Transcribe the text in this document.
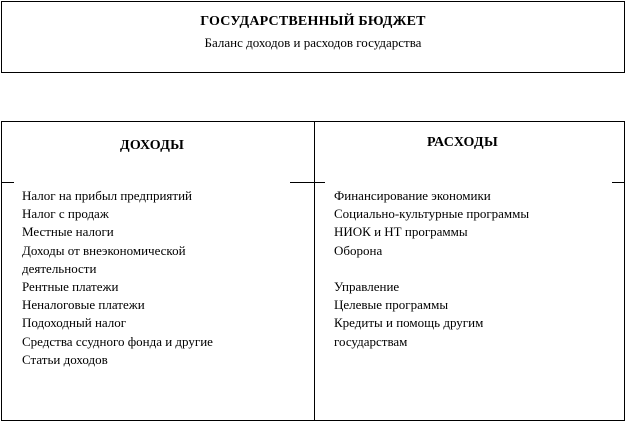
ГОСУДАРСТВЕННЫЙ БЮДЖЕТ
Баланс доходов и расходов государства
ДОХОДЫ	РАСХОДЫ
Налог на прибыл предприятий
Налог с продаж
Местные налоги
Доходы от внеэкономической
деятельности
Рентные платежи
Неналоговые платежи
Подоходный налог
Средства ссудного фонда и другие
Статьи доходов
Финансирование экономики
Социально-культурные программы
НИОК и НТ программы
Оборона
Управление
Целевые программы
Кредиты и помощь другим
государствам
